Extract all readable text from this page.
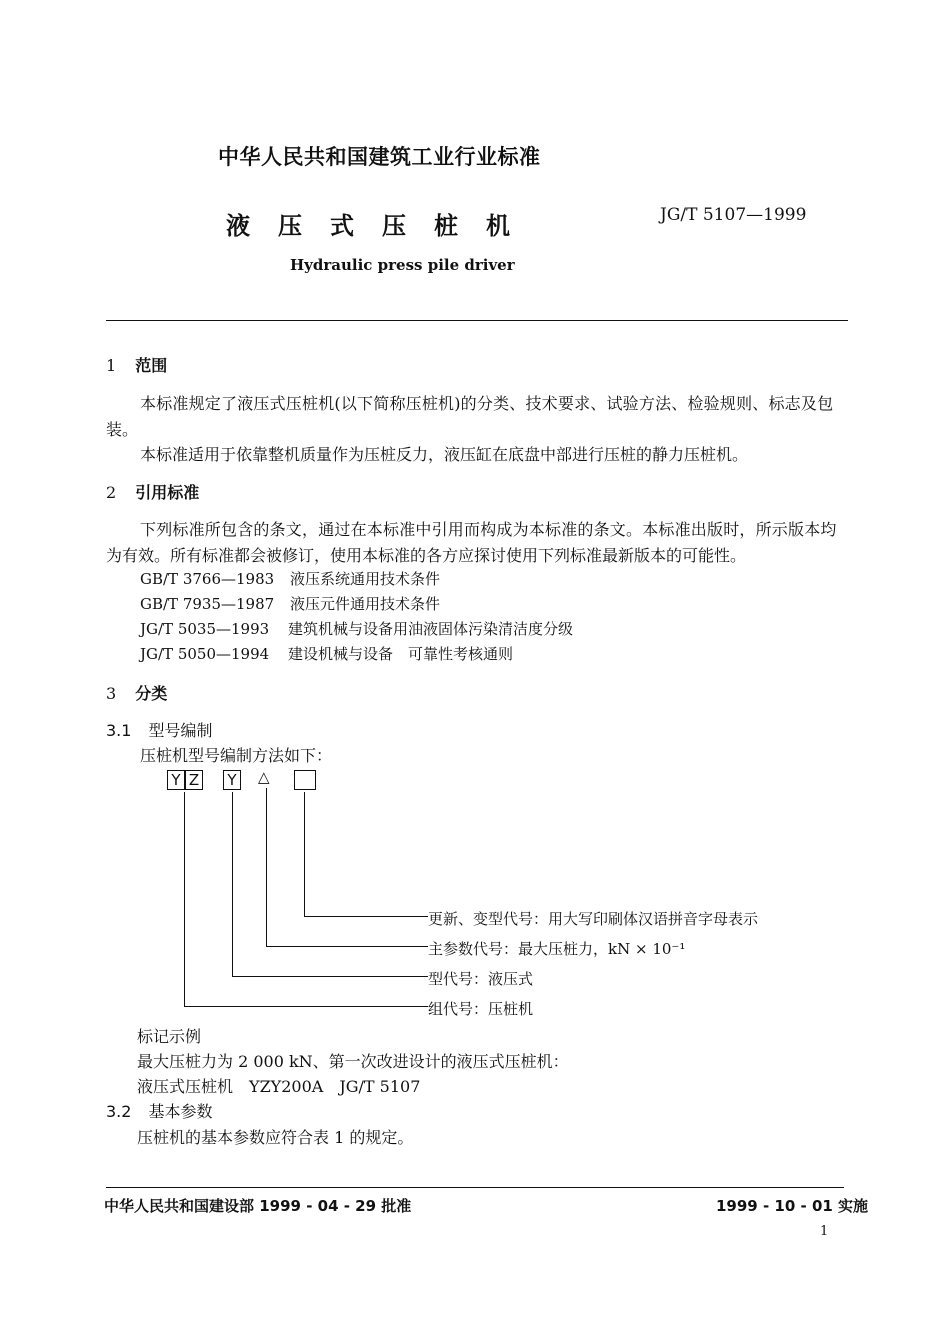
中华人民共和国建筑工业行业标准
液压式压桩机	JG/T 5107—1999
Hydraulic press pile driver
1 范围
本标准规定了液压式压桩机(以下简称压桩机)的分类、技术要求、试验方法、检验规则、标志及包
装。
本标准适用于依靠整机质量作为压桩反力，液压缸在底盘中部进行压桩的静力压桩机。
2 引用标准
下列标准所包含的条文，通过在本标准中引用而构成为本标准的条文。本标准出版时，所示版本均
为有效。所有标准都会被修订，使用本标准的各方应探讨使用下列标准最新版本的可能性。
GB/T 3766—1983 液压系统通用技术条件
GB/T 7935—1987 液压元件通用技术条件
JG/T 5035—1993 建筑机械与设备用油液固体污染清洁度分级
JG/T 5050—1994 建设机械与设备　可靠性考核通则
3 分类
3.1 型号编制
压桩机型号编制方法如下：
Y Z Y △
更新、变型代号：用大写印刷体汉语拼音字母表示
主参数代号：最大压桩力，kN × 10⁻¹
型代号：液压式
组代号：压桩机
标记示例
最大压桩力为 2 000 kN、第一次改进设计的液压式压桩机：
液压式压桩机　YZY200A　JG/T 5107
3.2 基本参数
压桩机的基本参数应符合表 1 的规定。
中华人民共和国建设部 1999 - 04 - 29 批准	1999 - 10 - 01 实施
1
